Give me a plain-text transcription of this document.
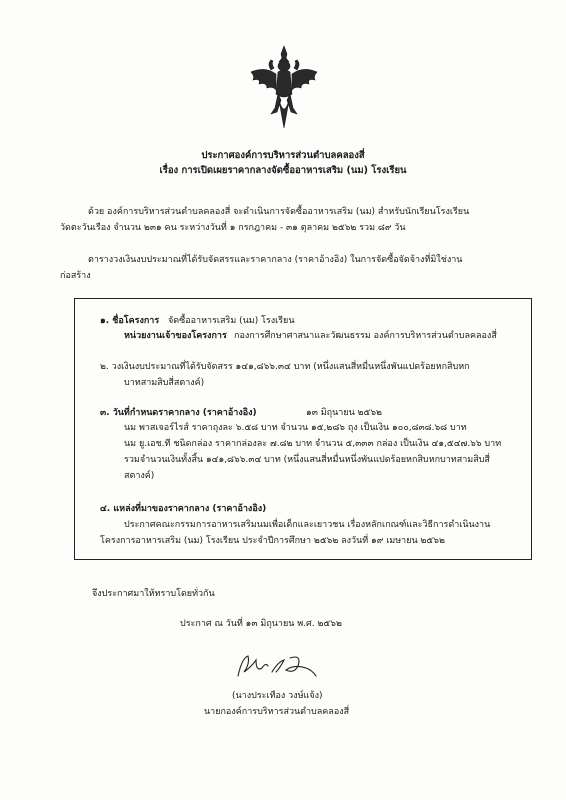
ประกาศองค์การบริหารส่วนตำบลคลองสี่
เรื่อง การเปิดเผยราคากลางจัดซื้ออาหารเสริม (นม) โรงเรียน
ด้วย องค์การบริหารส่วนตำบลคลองสี่ จะดำเนินการจัดซื้ออาหารเสริม (นม) สำหรับนักเรียนโรงเรียน
วัดตะวันเรือง จำนวน ๒๓๑ คน ระหว่างวันที่ ๑ กรกฎาคม - ๓๑ ตุลาคม ๒๕๖๒ รวม ๘๙ วัน
ตารางวงเงินงบประมาณที่ได้รับจัดสรรและราคากลาง (ราคาอ้างอิง) ในการจัดซื้อจัดจ้างที่มิใช่งาน
ก่อสร้าง
๑. ชื่อโครงการ จัดซื้ออาหารเสริม (นม) โรงเรียน
หน่วยงานเจ้าของโครงการ กองการศึกษาศาสนาและวัฒนธรรม องค์การบริหารส่วนตำบลคลองสี่
๒. วงเงินงบประมาณที่ได้รับจัดสรร ๑๔๑,๘๖๖.๓๔ บาท (หนึ่งแสนสี่หมื่นหนึ่งพันแปดร้อยหกสิบหก
บาทสามสิบสี่สตางค์)
๓. วันที่กำหนดราคากลาง (ราคาอ้างอิง)	๑๓ มิถุนายน ๒๕๖๒
นม พาสเจอร์ไรส์ ราคาถุงละ ๖.๕๘ บาท จำนวน ๑๕,๒๘๖ ถุง เป็นเงิน ๑๐๐,๘๓๘.๖๘ บาท
นม ยู.เอช.ที ชนิดกล่อง ราคากล่องละ ๗.๘๒ บาท จำนวน ๕,๓๓๓ กล่อง เป็นเงิน ๔๑,๕๔๗.๖๖ บาท
รวมจำนวนเงินทั้งสิ้น ๑๔๑,๘๖๖.๓๔ บาท (หนึ่งแสนสี่หมื่นหนึ่งพันแปดร้อยหกสิบหกบาทสามสิบสี่
สตางค์)
๔. แหล่งที่มาของราคากลาง (ราคาอ้างอิง)
ประกาศคณะกรรมการอาหารเสริมนมเพื่อเด็กและเยาวชน เรื่องหลักเกณฑ์และวิธีการดำเนินงาน
โครงการอาหารเสริม (นม) โรงเรียน ประจำปีการศึกษา ๒๕๖๒ ลงวันที่ ๑๙ เมษายน ๒๕๖๒
จึงประกาศมาให้ทราบโดยทั่วกัน
ประกาศ ณ วันที่ ๑๓ มิถุนายน พ.ศ. ๒๕๖๒
(นางประเทือง วงษ์แจ้ง)
นายกองค์การบริหารส่วนตำบลคลองสี่
